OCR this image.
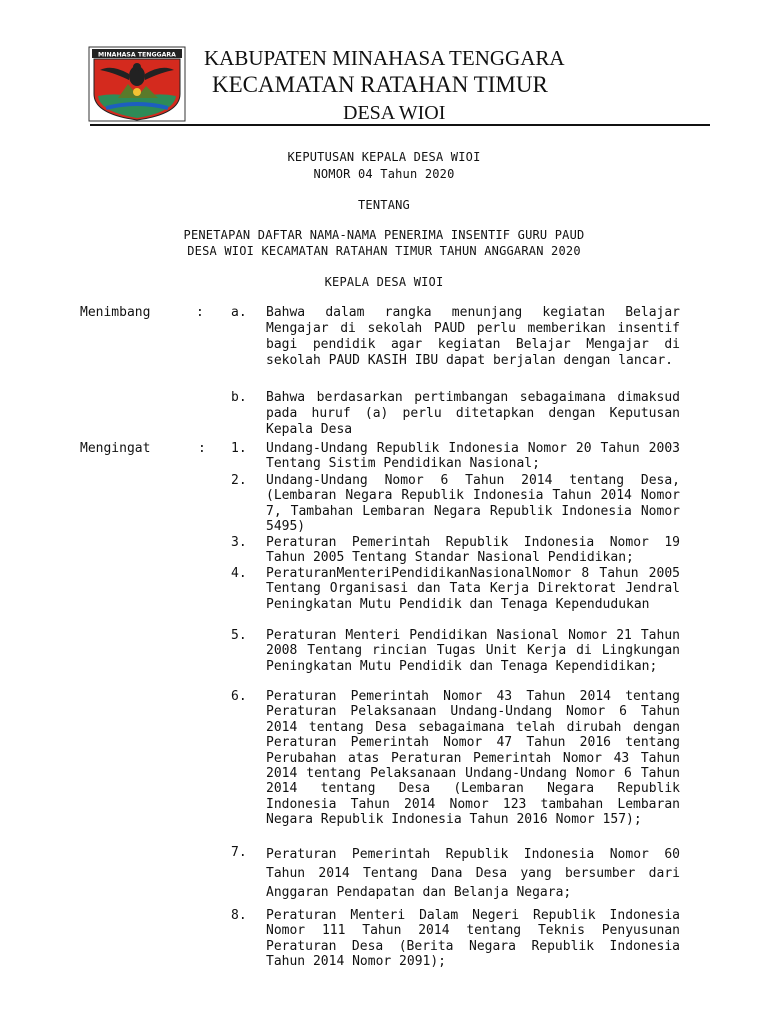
MINAHASA TENGGARA KABUPATEN MINAHASA TENGGARA
KECAMATAN RATAHAN TIMUR
DESA WIOI
KEPUTUSAN KEPALA DESA WIOI
NOMOR 04 Tahun 2020
TENTANG
PENETAPAN DAFTAR NAMA-NAMA PENERIMA INSENTIF GURU PAUD
DESA WIOI KECAMATAN RATAHAN TIMUR TAHUN ANGGARAN 2020
KEPALA DESA WIOI
Menimbang	: a. Bahwa dalam rangka menunjang kegiatan Belajar Mengajar di sekolah PAUD perlu memberikan insentif bagi pendidik agar kegiatan Belajar Mengajar di sekolah PAUD KASIH IBU dapat berjalan dengan lancar.
b. Bahwa berdasarkan pertimbangan sebagaimana dimaksud pada huruf (a) perlu ditetapkan dengan Keputusan Kepala Desa
Mengingat	: 1. Undang-Undang Republik Indonesia Nomor 20 Tahun 2003 Tentang Sistim Pendidikan Nasional;
2. Undang-Undang Nomor 6 Tahun 2014 tentang Desa, (Lembaran Negara Republik Indonesia Tahun 2014 Nomor 7, Tambahan Lembaran Negara Republik Indonesia Nomor 5495)
3. Peraturan Pemerintah Republik Indonesia Nomor 19 Tahun 2005 Tentang Standar Nasional Pendidikan;
4. PeraturanMenteriPendidikanNasionalNomor 8 Tahun 2005 Tentang Organisasi dan Tata Kerja Direktorat Jendral Peningkatan Mutu Pendidik dan Tenaga Kependudukan
5. Peraturan Menteri Pendidikan Nasional Nomor 21 Tahun 2008 Tentang rincian Tugas Unit Kerja di Lingkungan Peningkatan Mutu Pendidik dan Tenaga Kependidikan;
6. Peraturan Pemerintah Nomor 43 Tahun 2014 tentang Peraturan Pelaksanaan Undang-Undang Nomor 6 Tahun 2014 tentang Desa sebagaimana telah dirubah dengan Peraturan Pemerintah Nomor 47 Tahun 2016 tentang Perubahan atas Peraturan Pemerintah Nomor 43 Tahun 2014 tentang Pelaksanaan Undang-Undang Nomor 6 Tahun 2014 tentang Desa (Lembaran Negara Republik Indonesia Tahun 2014 Nomor 123 tambahan Lembaran Negara Republik Indonesia Tahun 2016 Nomor 157);
7. Peraturan Pemerintah Republik Indonesia Nomor 60 Tahun 2014 Tentang Dana Desa yang bersumber dari Anggaran Pendapatan dan Belanja Negara;
8. Peraturan Menteri Dalam Negeri Republik Indonesia Nomor 111 Tahun 2014 tentang Teknis Penyusunan Peraturan Desa (Berita Negara Republik Indonesia Tahun 2014 Nomor 2091);
